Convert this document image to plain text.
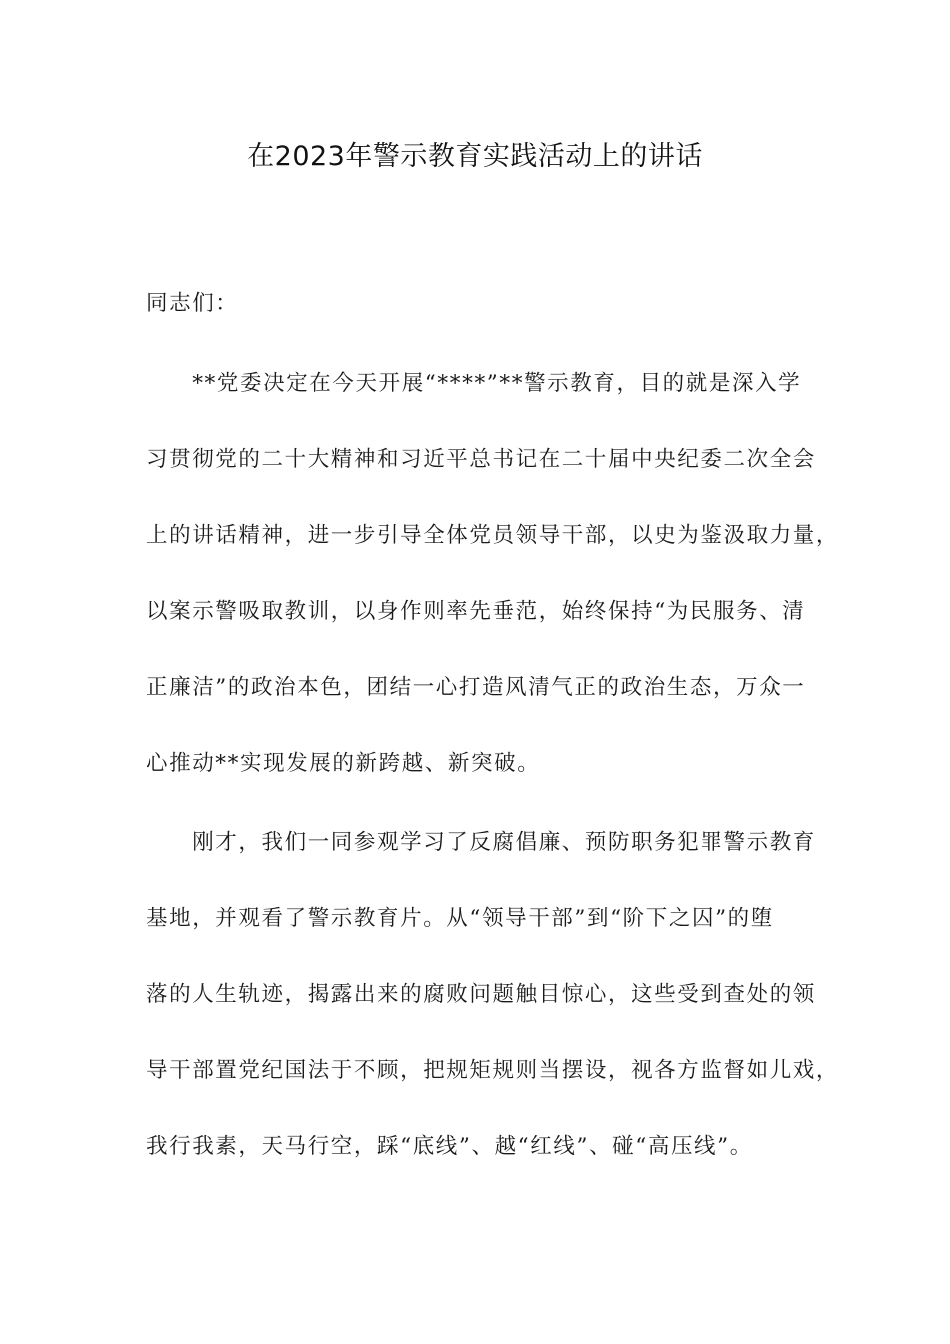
在2023年警示教育实践活动上的讲话
同志们：
　　**党委决定在今天开展“****”**警示教育，目的就是深入学
习贯彻党的二十大精神和习近平总书记在二十届中央纪委二次全会
上的讲话精神，进一步引导全体党员领导干部，以史为鉴汲取力量，
以案示警吸取教训，以身作则率先垂范，始终保持“为民服务、清
正廉洁”的政治本色，团结一心打造风清气正的政治生态，万众一
心推动**实现发展的新跨越、新突破。
　　刚才，我们一同参观学习了反腐倡廉、预防职务犯罪警示教育
基地，并观看了警示教育片。从“领导干部”到“阶下之囚”的堕
落的人生轨迹，揭露出来的腐败问题触目惊心，这些受到查处的领
导干部置党纪国法于不顾，把规矩规则当摆设，视各方监督如儿戏，
我行我素，天马行空，踩“底线”、越“红线”、碰“高压线”。
